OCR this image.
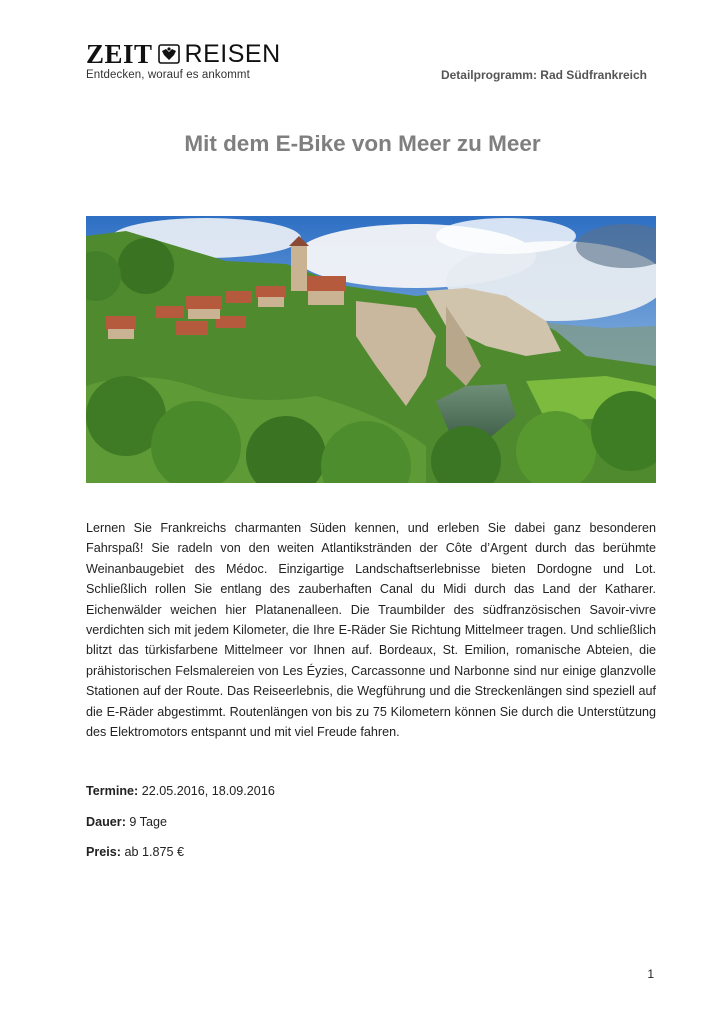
ZEIT REISEN
Entdecken, worauf es ankommt	Detailprogramm: Rad Südfrankreich
Mit dem E-Bike von Meer zu Meer
Lernen Sie Frankreichs charmanten Süden kennen, und erleben Sie dabei ganz besonderen Fahrspaß! Sie radeln von den weiten Atlantikstränden der Côte d’Argent durch das berühmte Weinanbaugebiet des Médoc. Einzigartige Landschaftserlebnisse bieten Dordogne und Lot. Schließlich rollen Sie entlang des zauberhaften Canal du Midi durch das Land der Katharer. Eichenwälder weichen hier Platanenalleen. Die Traumbilder des südfranzösischen Savoir-vivre verdichten sich mit jedem Kilometer, die Ihre E-Räder Sie Richtung Mittelmeer tragen. Und schließlich blitzt das türkisfarbene Mittelmeer vor Ihnen auf. Bordeaux, St. Emilion, romanische Abteien, die prähistorischen Felsmalereien von Les Éyzies, Carcassonne und Narbonne sind nur einige glanzvolle Stationen auf der Route. Das Reiseerlebnis, die Wegführung und die Streckenlängen sind speziell auf die E-Räder abgestimmt. Routenlängen von bis zu 75 Kilometern können Sie durch die Unterstützung des Elektromotors entspannt und mit viel Freude fahren.
Termine: 22.05.2016, 18.09.2016
Dauer: 9 Tage
Preis: ab 1.875 €
1
